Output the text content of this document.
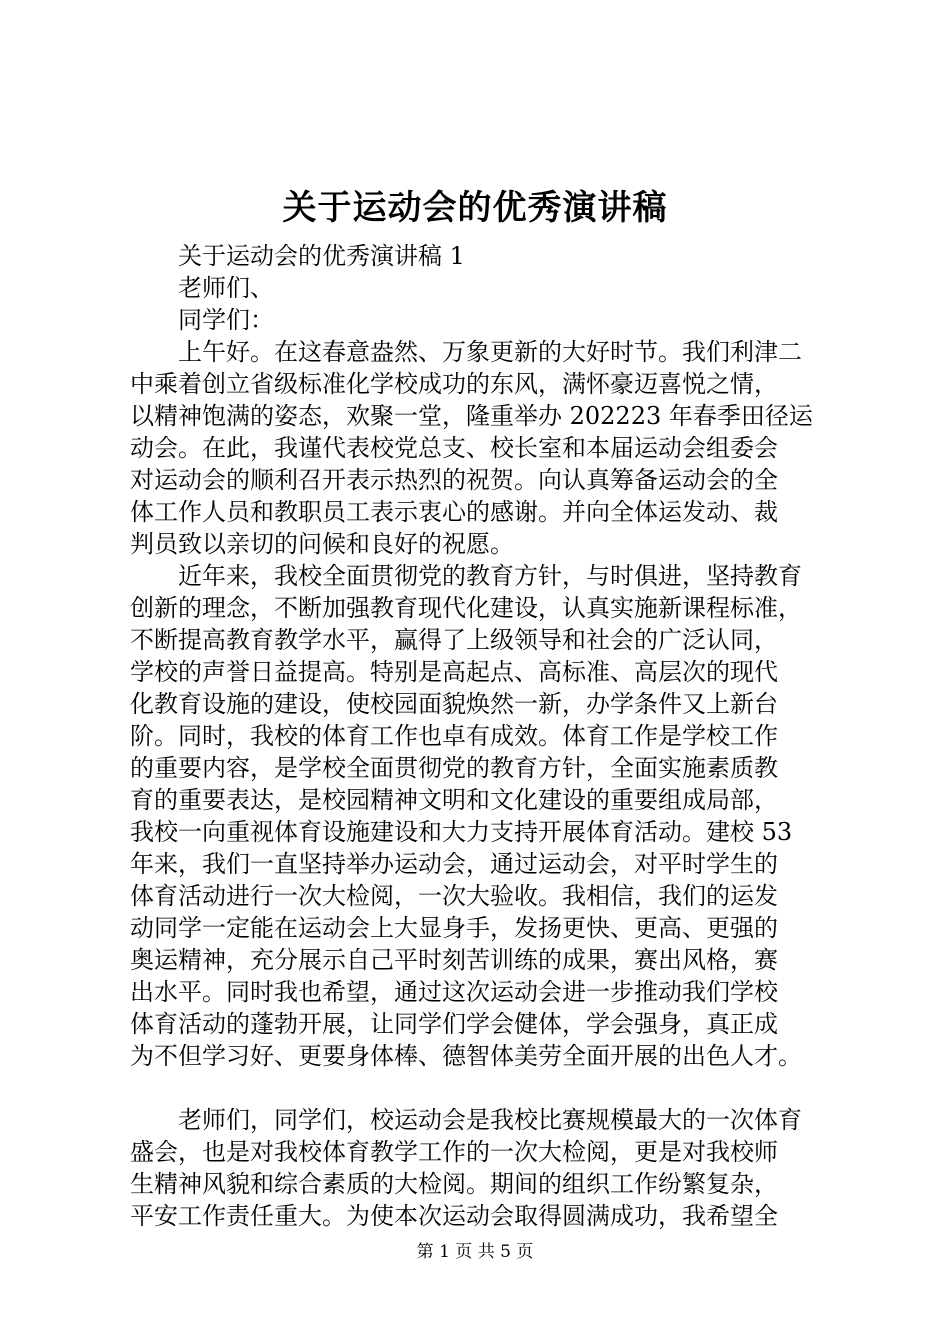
关于运动会的优秀演讲稿
关于运动会的优秀演讲稿 1
老师们、
同学们：
上午好。在这春意盎然、万象更新的大好时节。我们利津二
中乘着创立省级标准化学校成功的东风，满怀豪迈喜悦之情，
以精神饱满的姿态，欢聚一堂，隆重举办 202223 年春季田径运
动会。在此，我谨代表校党总支、校长室和本届运动会组委会
对运动会的顺利召开表示热烈的祝贺。向认真筹备运动会的全
体工作人员和教职员工表示衷心的感谢。并向全体运发动、裁
判员致以亲切的问候和良好的祝愿。
近年来，我校全面贯彻党的教育方针，与时俱进，坚持教育
创新的理念，不断加强教育现代化建设，认真实施新课程标准，
不断提高教育教学水平，赢得了上级领导和社会的广泛认同，
学校的声誉日益提高。特别是高起点、高标准、高层次的现代
化教育设施的建设，使校园面貌焕然一新，办学条件又上新台
阶。同时，我校的体育工作也卓有成效。体育工作是学校工作
的重要内容，是学校全面贯彻党的教育方针，全面实施素质教
育的重要表达，是校园精神文明和文化建设的重要组成局部，
我校一向重视体育设施建设和大力支持开展体育活动。建校 53
年来，我们一直坚持举办运动会，通过运动会，对平时学生的
体育活动进行一次大检阅，一次大验收。我相信，我们的运发
动同学一定能在运动会上大显身手，发扬更快、更高、更强的
奥运精神，充分展示自己平时刻苦训练的成果，赛出风格，赛
出水平。同时我也希望，通过这次运动会进一步推动我们学校
体育活动的蓬勃开展，让同学们学会健体，学会强身，真正成
为不但学习好、更要身体棒、德智体美劳全面开展的出色人才。
老师们，同学们，校运动会是我校比赛规模最大的一次体育
盛会，也是对我校体育教学工作的一次大检阅，更是对我校师
生精神风貌和综合素质的大检阅。期间的组织工作纷繁复杂，
平安工作责任重大。为使本次运动会取得圆满成功，我希望全
第 1 页 共 5 页
